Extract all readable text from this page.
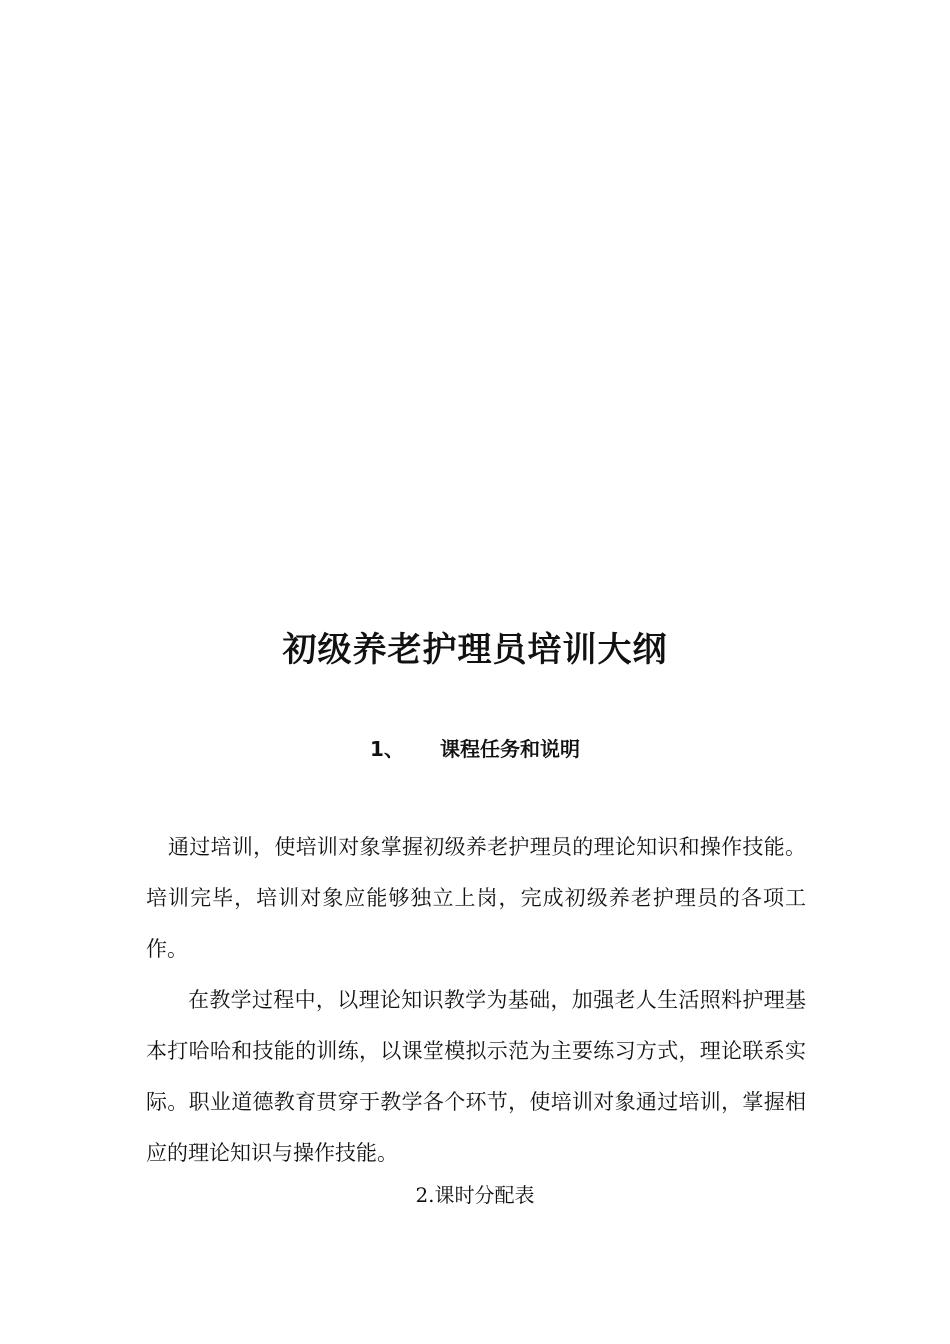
初级养老护理员培训大纲
1、 课程任务和说明
通过培训，使培训对象掌握初级养老护理员的理论知识和操作技能。培训完毕，培训对象应能够独立上岗，完成初级养老护理员的各项工作。
在教学过程中，以理论知识教学为基础，加强老人生活照料护理基本打哈哈和技能的训练，以课堂模拟示范为主要练习方式，理论联系实际。职业道德教育贯穿于教学各个环节，使培训对象通过培训，掌握相应的理论知识与操作技能。
2.课时分配表
